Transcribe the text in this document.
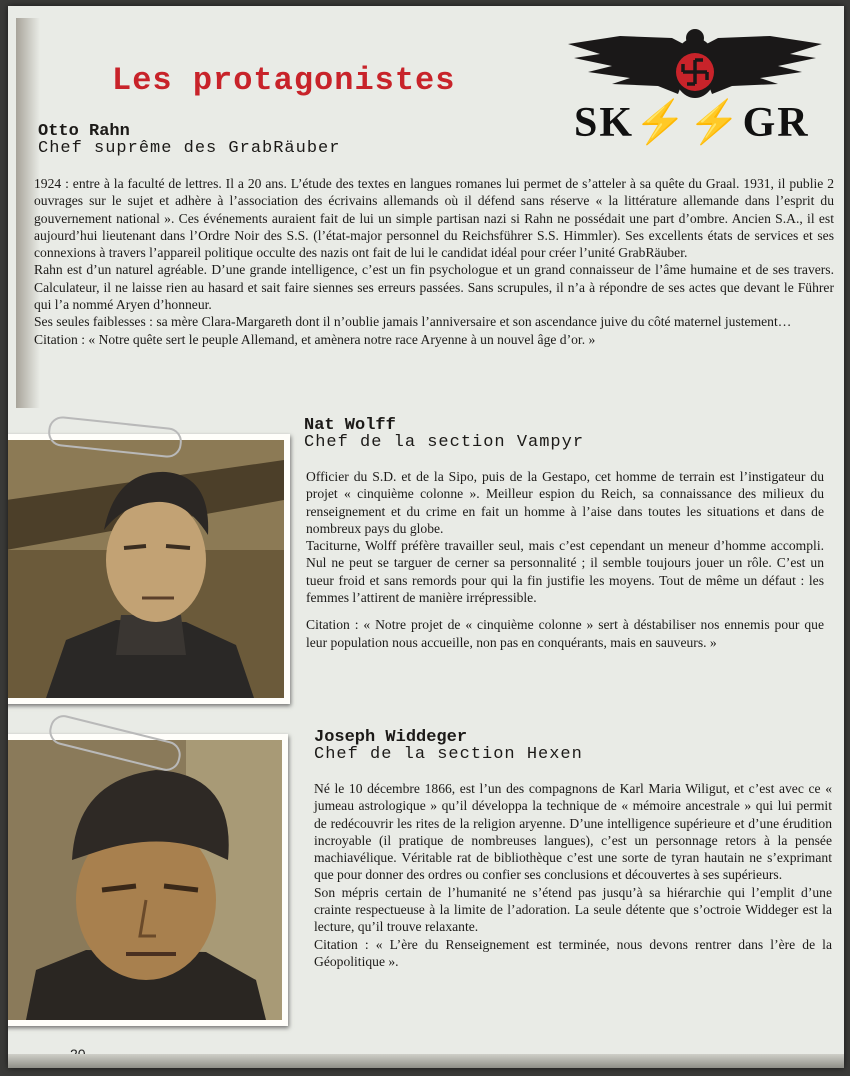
Les protagonistes
SK⚡⚡GR
Otto Rahn
Chef suprême des GrabRäuber

1924 : entre à la faculté de lettres. Il a 20 ans. L’étude des textes en langues romanes lui permet de s’atteler à sa quête du Graal. 1931, il publie 2 ouvrages sur le sujet et adhère à l’association des écrivains allemands où il défend sans réserve « la littérature allemande dans l’esprit du gouvernement national ». Ces événements auraient fait de lui un simple partisan nazi si Rahn ne possédait une part d’ombre. Ancien S.A., il est aujourd’hui lieutenant dans l’Ordre Noir des S.S. (l’état-major personnel du Reichsführer S.S. Himmler). Ses excellents états de services et ses connexions à travers l’appareil politique occulte des nazis ont fait de lui le candidat idéal pour créer l’unité GrabRäuber.

Rahn est d’un naturel agréable. D’une grande intelligence, c’est un fin psychologue et un grand connaisseur de l’âme humaine et de ses travers. Calculateur, il ne laisse rien au hasard et sait faire siennes ses erreurs passées. Sans scrupules, il n’a à répondre de ses actes que devant le Führer qui l’a nommé Aryen d’honneur.

Ses seules faiblesses : sa mère Clara-Margareth dont il n’oublie jamais l’anniversaire et son ascendance juive du côté maternel justement…

Citation : « Notre quête sert le peuple Allemand, et amènera notre race Aryenne à un nouvel âge d’or. »

Nat Wolff
Chef de la section Vampyr

Officier du S.D. et de la Sipo, puis de la Gestapo, cet homme de terrain est l’instigateur du projet « cinquième colonne ». Meilleur espion du Reich, sa connaissance des milieux du renseignement et du crime en fait un homme à l’aise dans toutes les situations et dans de nombreux pays du globe.

Taciturne, Wolff préfère travailler seul, mais c’est cependant un meneur d’homme accompli. Nul ne peut se targuer de cerner sa personnalité ; il semble toujours jouer un rôle. C’est un tueur froid et sans remords pour qui la fin justifie les moyens. Tout de même un défaut : les femmes l’attirent de manière irrépressible.

Citation : « Notre projet de « cinquième colonne » sert à déstabiliser nos ennemis pour que leur population nous accueille, non pas en conquérants, mais en sauveurs. »

Joseph Widdeger
Chef de la section Hexen

Né le 10 décembre 1866, est l’un des compagnons de Karl Maria Wiligut, et c’est avec ce « jumeau astrologique » qu’il développa la technique de « mémoire ancestrale » qui lui permit de redécouvrir les rites de la religion aryenne. D’une intelligence supérieure et d’une érudition incroyable (il pratique de nombreuses langues), c’est un personnage retors à la pensée machiavélique. Véritable rat de bibliothèque c’est une sorte de tyran hautain ne s’exprimant que pour donner des ordres ou confier ses conclusions et découvertes à ses supérieurs.

Son mépris certain de l’humanité ne s’étend pas jusqu’à sa hiérarchie qui l’emplit d’une crainte respectueuse à la limite de l’adoration. La seule détente que s’octroie Widdeger est la lecture, qu’il trouve relaxante.

Citation : « L’ère du Renseignement est terminée, nous devons rentrer dans l’ère de la Géopolitique ».
